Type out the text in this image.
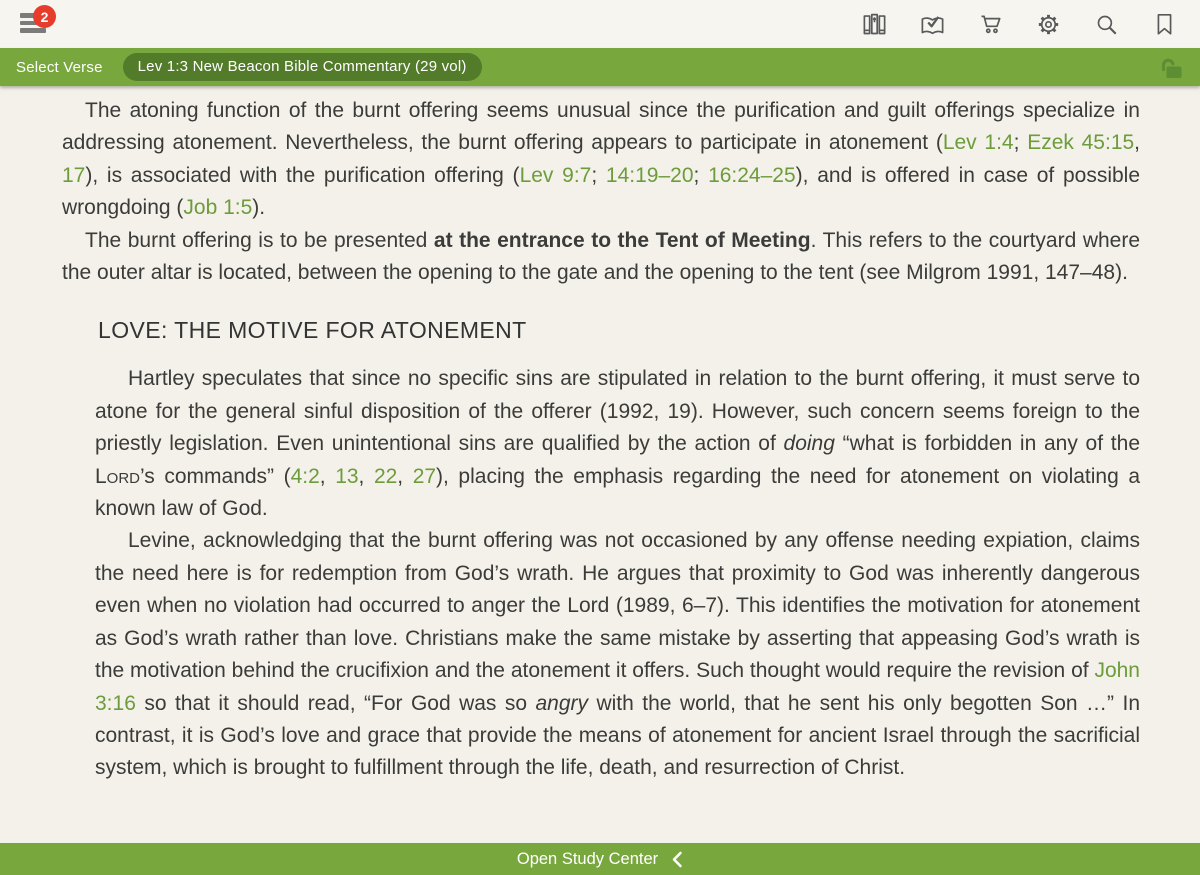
2
Select Verse	Lev 1:3 New Beacon Bible Commentary (29 vol)

The atoning function of the burnt offering seems unusual since the purification and guilt offerings specialize in addressing atonement. Nevertheless, the burnt offering appears to participate in atonement (Lev 1:4; Ezek 45:15, 17), is associated with the purification offering (Lev 9:7; 14:19–20; 16:24–25), and is offered in case of possible wrongdoing (Job 1:5).

The burnt offering is to be presented at the entrance to the Tent of Meeting. This refers to the courtyard where the outer altar is located, between the opening to the gate and the opening to the tent (see Milgrom 1991, 147–48).

LOVE: THE MOTIVE FOR ATONEMENT

Hartley speculates that since no specific sins are stipulated in relation to the burnt offering, it must serve to atone for the general sinful disposition of the offerer (1992, 19). However, such concern seems foreign to the priestly legislation. Even unintentional sins are qualified by the action of doing “what is forbidden in any of the Lord’s commands” (4:2, 13, 22, 27), placing the emphasis regarding the need for atonement on violating a known law of God.

Levine, acknowledging that the burnt offering was not occasioned by any offense needing expiation, claims the need here is for redemption from God’s wrath. He argues that proximity to God was inherently dangerous even when no violation had occurred to anger the Lord (1989, 6–7). This identifies the motivation for atonement as God’s wrath rather than love. Christians make the same mistake by asserting that appeasing God’s wrath is the motivation behind the crucifixion and the atonement it offers. Such thought would require the revision of John 3:16 so that it should read, “For God was so angry with the world, that he sent his only begotten Son …” In contrast, it is God’s love and grace that provide the means of atonement for ancient Israel through the sacrificial system, which is brought to fulfillment through the life, death, and resurrection of Christ.

Open Study Center
